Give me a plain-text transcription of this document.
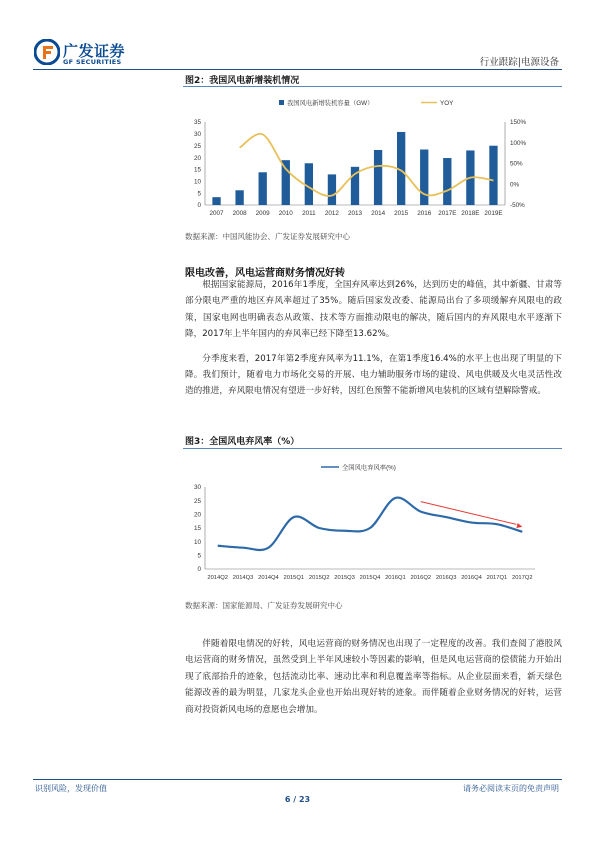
广发证券
GF SECURITIES	行业跟踪|电源设备
图2：我国风电新增装机情况
我国风电新增装机容量（GW）	YOY
0
5
10
15
20
25
30
35
-50%
0%
50%
100%
150%
2007 2008 2009 2010 2011 2012 2013 2014 2015 2016 2017E 2018E 2019E
数据来源：中国风能协会、广发证券发展研究中心
限电改善，风电运营商财务情况好转

根据国家能源局，2016年1季度，全国弃风率达到26%，达到历史的峰值，其中新疆、甘肃等部分限电严重的地区弃风率超过了35%。随后国家发改委、能源局出台了多项缓解弃风限电的政策，国家电网也明确表态从政策、技术等方面推动限电的解决，随后国内的弃风限电水平逐渐下降，2017年上半年国内的弃风率已经下降至13.62%。

分季度来看，2017年第2季度弃风率为11.1%，在第1季度16.4%的水平上也出现了明显的下降。我们预计，随着电力市场化交易的开展、电力辅助服务市场的建设、风电供暖及火电灵活性改造的推进，弃风限电情况有望进一步好转，因红色预警不能新增风电装机的区域有望解除警戒。

图3：全国风电弃风率（%）
全国风电弃风率(%)
0
5
10
15
20
25
30
2014Q2 2014Q3 2014Q4 2015Q1 2015Q2 2015Q3 2015Q4 2016Q1 2016Q2 2016Q3 2016Q4 2017Q1 2017Q2
数据来源：国家能源局、广发证券发展研究中心

伴随着限电情况的好转，风电运营商的财务情况也出现了一定程度的改善。我们查阅了港股风电运营商的财务情况，虽然受到上半年风速较小等因素的影响，但是风电运营商的偿债能力开始出现了底部抬升的迹象，包括流动比率、速动比率和利息覆盖率等指标。从企业层面来看，新天绿色能源改善的最为明显，几家龙头企业也开始出现好转的迹象。而伴随着企业财务情况的好转，运营商对投资新风电场的意愿也会增加。

识别风险，发现价值	请务必阅读末页的免责声明
6 / 23
